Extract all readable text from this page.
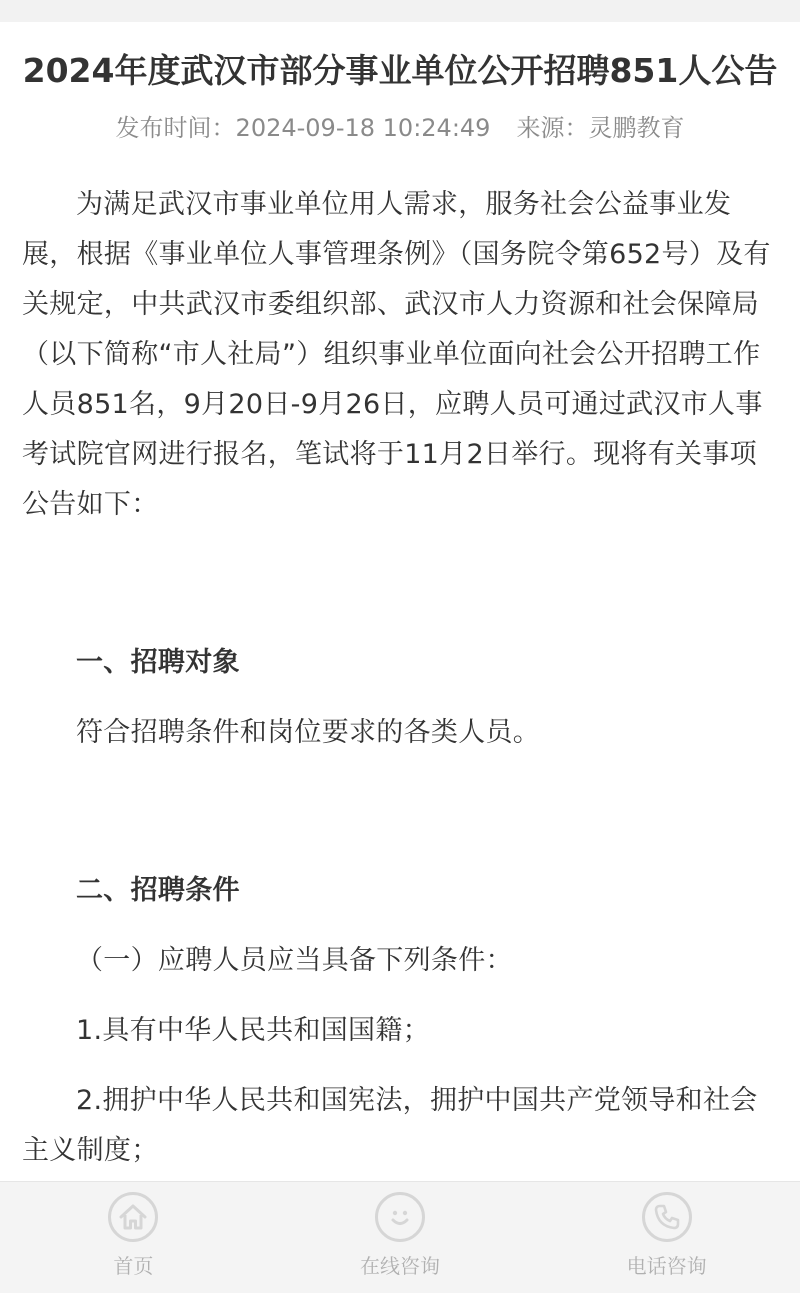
2024年度武汉市部分事业单位公开招聘851人公告
发布时间：2024-09-18 10:24:49 来源：灵鹏教育

为满足武汉市事业单位用人需求，服务社会公益事业发展，根据《事业单位人事管理条例》（国务院令第652号）及有关规定，中共武汉市委组织部、武汉市人力资源和社会保障局（以下简称“市人社局”）组织事业单位面向社会公开招聘工作人员851名，9月20日-9月26日，应聘人员可通过武汉市人事考试院官网进行报名，笔试将于11月2日举行。现将有关事项公告如下：

一、招聘对象

符合招聘条件和岗位要求的各类人员。

二、招聘条件

（一）应聘人员应当具备下列条件：

1.具有中华人民共和国国籍；

2.拥护中华人民共和国宪法，拥护中国共产党领导和社会主义制度；

首页	在线咨询	电话咨询
